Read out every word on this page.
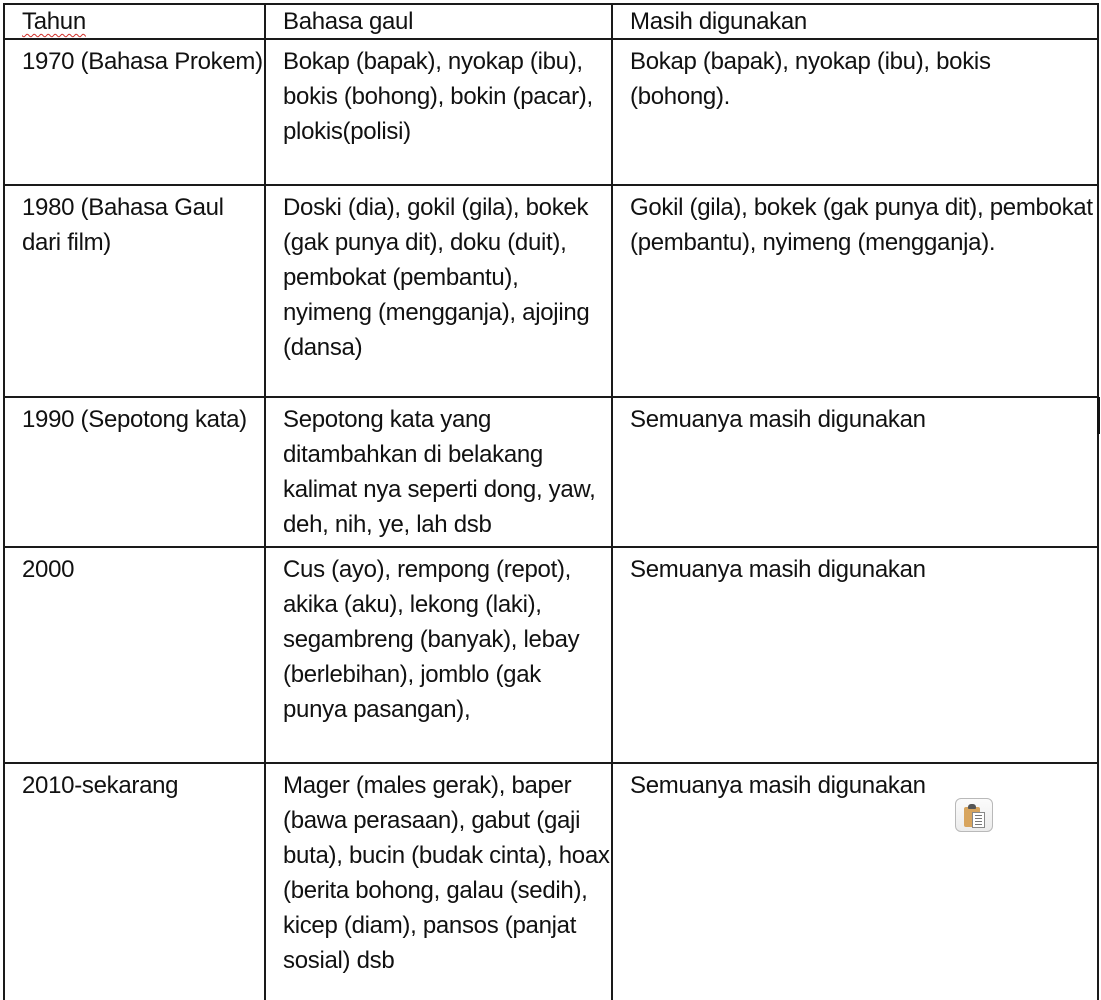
Tahun	Bahasa gaul	Masih digunakan

1970 (Bahasa Prokem)	Bokap (bapak), nyokap (ibu), bokis (bohong), bokin (pacar), plokis(polisi)	Bokap (bapak), nyokap (ibu), bokis (bohong).

1980 (Bahasa Gaul dari film)	Doski (dia), gokil (gila), bokek (gak punya dit), doku (duit), pembokat (pembantu), nyimeng (mengganja), ajojing (dansa)	Gokil (gila), bokek (gak punya dit), pembokat (pembantu), nyimeng (mengganja).

1990 (Sepotong kata)	Sepotong kata yang ditambahkan di belakang kalimat nya seperti dong, yaw, deh, nih, ye, lah dsb	Semuanya masih digunakan

2000	Cus (ayo), rempong (repot), akika (aku), lekong (laki), segambreng (banyak), lebay (berlebihan), jomblo (gak punya pasangan),	Semuanya masih digunakan

2010-sekarang	Mager (males gerak), baper (bawa perasaan), gabut (gaji buta), bucin (budak cinta), hoax (berita bohong, galau (sedih), kicep (diam), pansos (panjat sosial) dsb	Semuanya masih digunakan
